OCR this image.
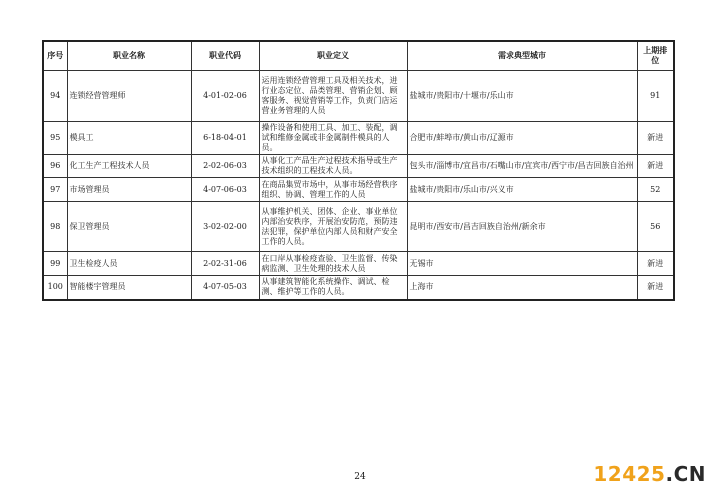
序号	职业名称	职业代码	职业定义	需求典型城市	上期排位
94	连锁经营管理师	4-01-02-06	运用连锁经营管理工具及相关技术，进行业态定位、品类管理、营销企划、顾客服务、视觉营销等工作，负责门店运营业务管理的人员	盐城市/贵阳市/十堰市/乐山市	91
95	模具工	6-18-04-01	操作设备和使用工具、加工、装配，调试和维修金属或非金属制件模具的人员。	合肥市/蚌埠市/黄山市/辽源市	新进
96	化工生产工程技术人员	2-02-06-03	从事化工产品生产过程技术指导或生产技术组织的工程技术人员。	包头市/淄博市/宜昌市/石嘴山市/宜宾市/西宁市/昌吉回族自治州	新进
97	市场管理员	4-07-06-03	在商品集贸市场中，从事市场经营秩序组织、协调、管理工作的人员	盐城市/贵阳市/乐山市/兴义市	52
98	保卫管理员	3-02-02-00	从事维护机关、团体、企业、事业单位内部治安秩序，开展治安防范，预防违法犯罪，保护单位内部人员和财产安全工作的人员。	昆明市/西安市/昌吉回族自治州/新余市	56
99	卫生检疫人员	2-02-31-06	在口岸从事检疫查验、卫生监督、传染病监测、卫生处理的技术人员	无锡市	新进
100	智能楼宇管理员	4-07-05-03	从事建筑智能化系统操作、调试、检测、维护等工作的人员。	上海市	新进
24	12425.CN
